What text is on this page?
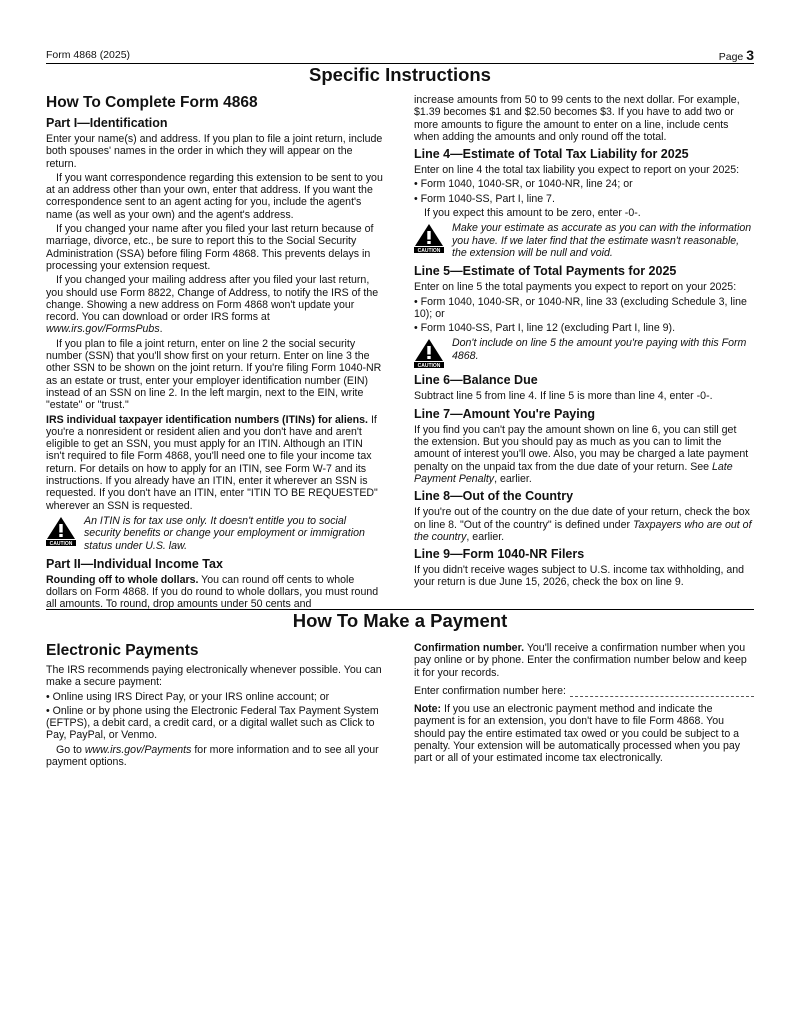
Form 4868 (2025)	Page 3
Specific Instructions
How To Complete Form 4868
Part I—Identification

Enter your name(s) and address. If you plan to file a joint return, include both spouses' names in the order in which they will appear on the return.

If you want correspondence regarding this extension to be sent to you at an address other than your own, enter that address. If you want the correspondence sent to an agent acting for you, include the agent's name (as well as your own) and the agent's address.

If you changed your name after you filed your last return because of marriage, divorce, etc., be sure to report this to the Social Security Administration (SSA) before filing Form 4868. This prevents delays in processing your extension request.

If you changed your mailing address after you filed your last return, you should use Form 8822, Change of Address, to notify the IRS of the change. Showing a new address on Form 4868 won't update your record. You can download or order IRS forms at www.irs.gov/FormsPubs.

If you plan to file a joint return, enter on line 2 the social security number (SSN) that you'll show first on your return. Enter on line 3 the other SSN to be shown on the joint return. If you're filing Form 1040-NR as an estate or trust, enter your employer identification number (EIN) instead of an SSN on line 2. In the left margin, next to the EIN, write "estate" or "trust."

IRS individual taxpayer identification numbers (ITINs) for aliens. If you're a nonresident or resident alien and you don't have and aren't eligible to get an SSN, you must apply for an ITIN. Although an ITIN isn't required to file Form 4868, you'll need one to file your income tax return. For details on how to apply for an ITIN, see Form W-7 and its instructions. If you already have an ITIN, enter it wherever an SSN is requested. If you don't have an ITIN, enter "ITIN TO BE REQUESTED" wherever an SSN is requested.

CAUTION
An ITIN is for tax use only. It doesn't entitle you to social security benefits or change your employment or immigration status under U.S. law.
Part II—Individual Income Tax

Rounding off to whole dollars. You can round off cents to whole dollars on Form 4868. If you do round to whole dollars, you must round all amounts. To round, drop amounts under 50 cents and

increase amounts from 50 to 99 cents to the next dollar. For example, $1.39 becomes $1 and $2.50 becomes $3. If you have to add two or more amounts to figure the amount to enter on a line, include cents when adding the amounts and only round off the total.

Line 4—Estimate of Total Tax Liability for 2025

Enter on line 4 the total tax liability you expect to report on your 2025:

• Form 1040, 1040-SR, or 1040-NR, line 24; or

• Form 1040-SS, Part I, line 7.

If you expect this amount to be zero, enter -0-.

CAUTION
Make your estimate as accurate as you can with the information you have. If we later find that the estimate wasn't reasonable, the extension will be null and void.
Line 5—Estimate of Total Payments for 2025

Enter on line 5 the total payments you expect to report on your 2025:

• Form 1040, 1040-SR, or 1040-NR, line 33 (excluding Schedule 3, line 10); or

• Form 1040-SS, Part I, line 12 (excluding Part I, line 9).

CAUTION
Don't include on line 5 the amount you're paying with this Form 4868.
Line 6—Balance Due

Subtract line 5 from line 4. If line 5 is more than line 4, enter -0-.

Line 7—Amount You're Paying

If you find you can't pay the amount shown on line 6, you can still get the extension. But you should pay as much as you can to limit the amount of interest you'll owe. Also, you may be charged a late payment penalty on the unpaid tax from the due date of your return. See Late Payment Penalty, earlier.

Line 8—Out of the Country

If you're out of the country on the due date of your return, check the box on line 8. "Out of the country" is defined under Taxpayers who are out of the country, earlier.

Line 9—Form 1040-NR Filers

If you didn't receive wages subject to U.S. income tax withholding, and your return is due June 15, 2026, check the box on line 9.

How To Make a Payment
Electronic Payments

The IRS recommends paying electronically whenever possible. You can make a secure payment:

• Online using IRS Direct Pay, or your IRS online account; or

• Online or by phone using the Electronic Federal Tax Payment System (EFTPS), a debit card, a credit card, or a digital wallet such as Click to Pay, PayPal, or Venmo.

Go to www.irs.gov/Payments for more information and to see all your payment options.

Confirmation number. You'll receive a confirmation number when you pay online or by phone. Enter the confirmation number below and keep it for your records.

Enter confirmation number here:

Note: If you use an electronic payment method and indicate the payment is for an extension, you don't have to file Form 4868. You should pay the entire estimated tax owed or you could be subject to a penalty. Your extension will be automatically processed when you pay part or all of your estimated income tax electronically.
